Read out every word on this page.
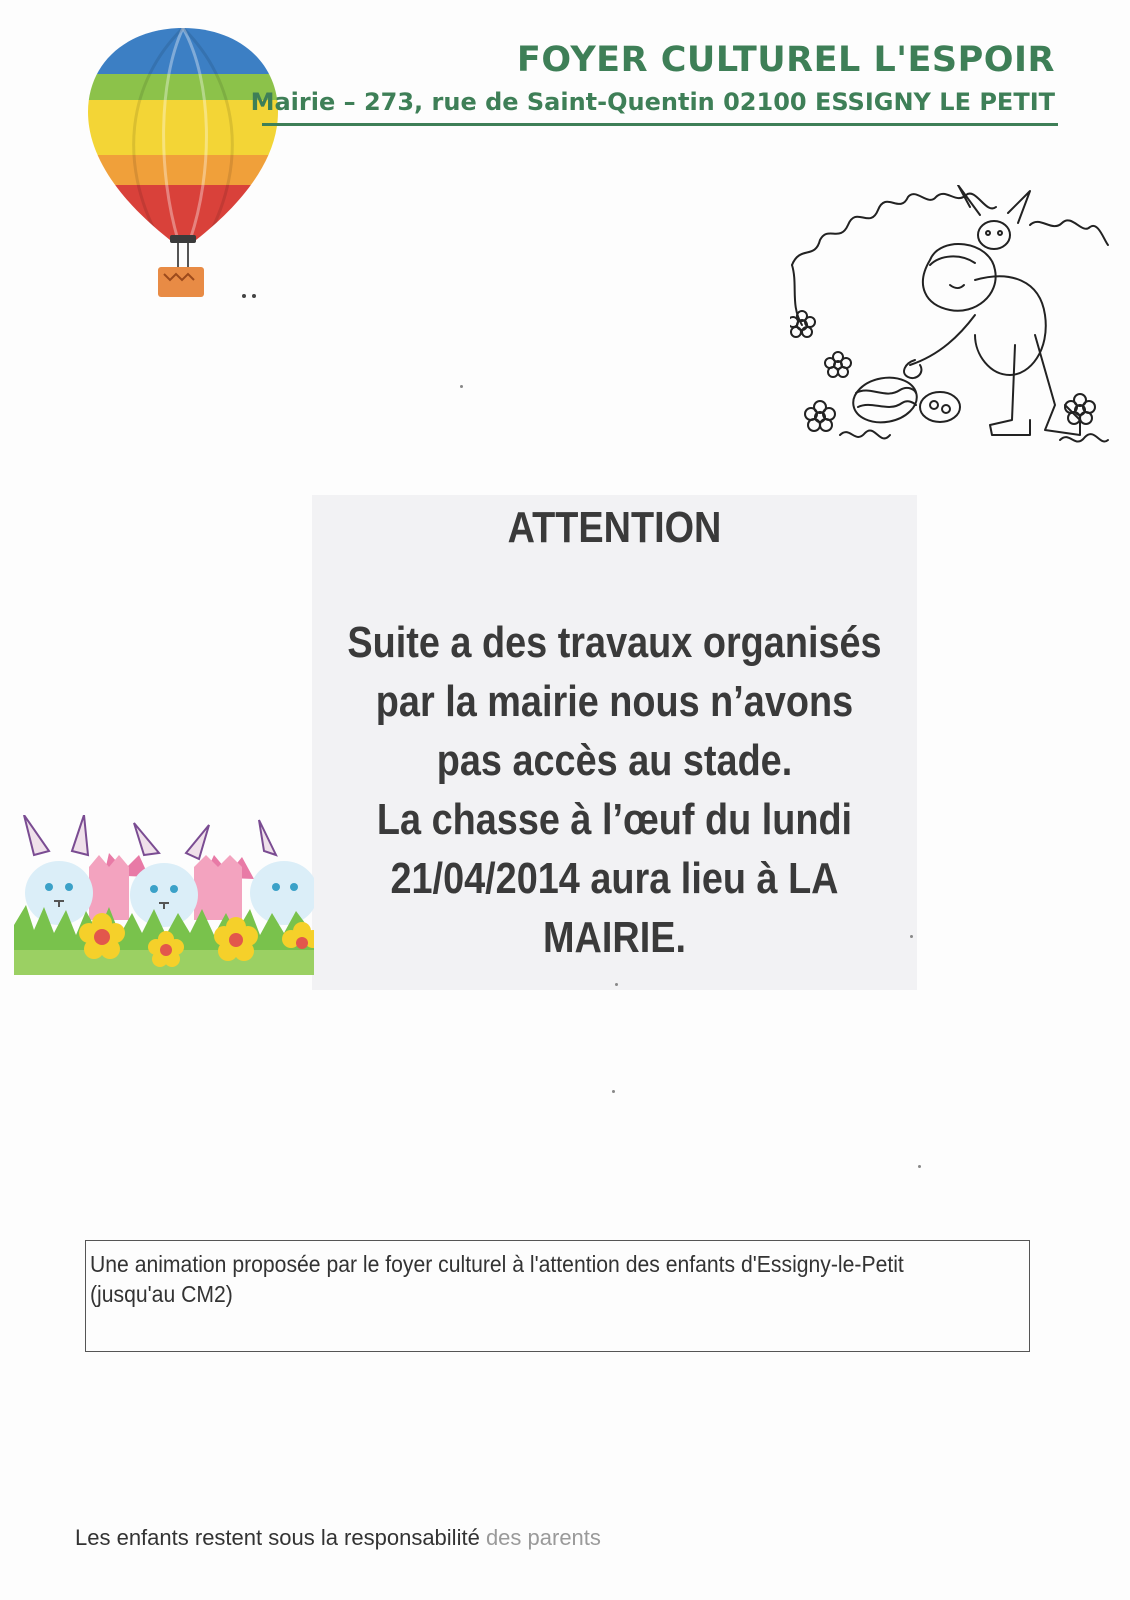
FOYER CULTUREL L'ESPOIR
Mairie – 273, rue de Saint-Quentin 02100 ESSIGNY LE PETIT
ATTENTION
Suite a des travaux organisés
par la mairie nous n’avons
pas accès au stade.
La chasse à l’œuf du lundi
21/04/2014 aura lieu à LA
MAIRIE.
Une animation proposée par le foyer culturel à l'attention des enfants d'Essigny-le-Petit
(jusqu'au CM2)
Les enfants restent sous la responsabilité des parents
